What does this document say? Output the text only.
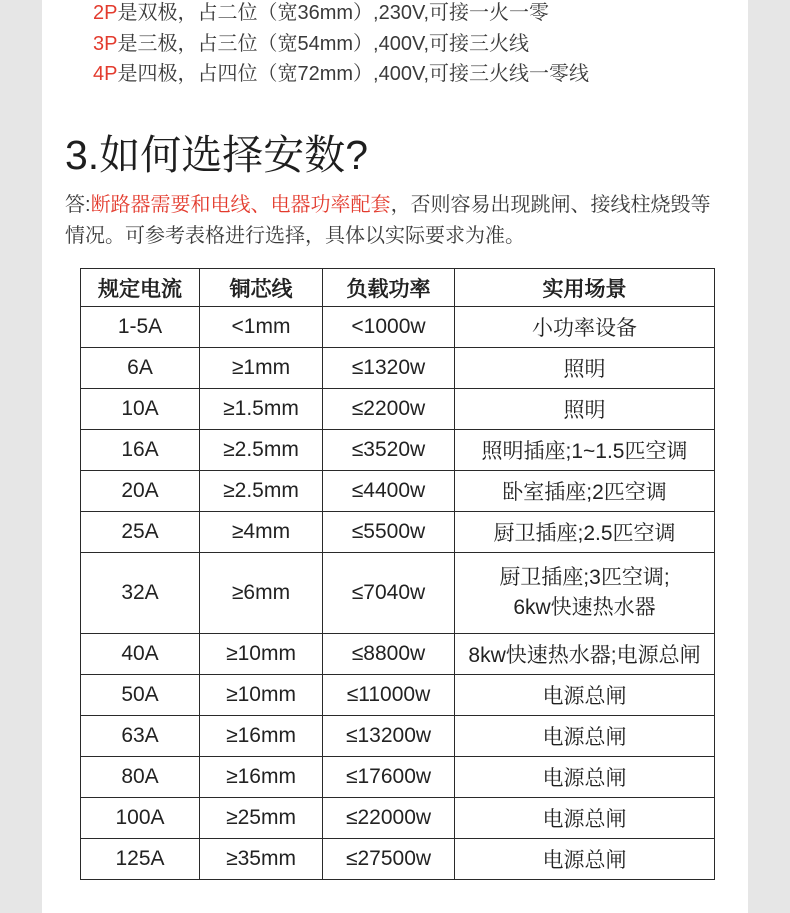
2P是双极，占二位（宽36mm）,230V,可接一火一零
3P是三极，占三位（宽54mm）,400V,可接三火线
4P是四极，占四位（宽72mm）,400V,可接三火线一零线
3.如何选择安数?
答:断路器需要和电线、电器功率配套，否则容易出现跳闸、接线柱烧毁等
情况。可参考表格进行选择，具体以实际要求为准。
规定电流	铜芯线	负载功率	实用场景
1-5A	<1mm	<1000w	小功率设备
6A	≥1mm	≤1320w	照明
10A	≥1.5mm	≤2200w	照明
16A	≥2.5mm	≤3520w	照明插座;1~1.5匹空调
20A	≥2.5mm	≤4400w	卧室插座;2匹空调
25A	≥4mm	≤5500w	厨卫插座;2.5匹空调
32A	≥6mm	≤7040w	厨卫插座;3匹空调;
6kw快速热水器
40A	≥10mm	≤8800w	8kw快速热水器;电源总闸
50A	≥10mm	≤11000w	电源总闸
63A	≥16mm	≤13200w	电源总闸
80A	≥16mm	≤17600w	电源总闸
100A	≥25mm	≤22000w	电源总闸
125A	≥35mm	≤27500w	电源总闸
